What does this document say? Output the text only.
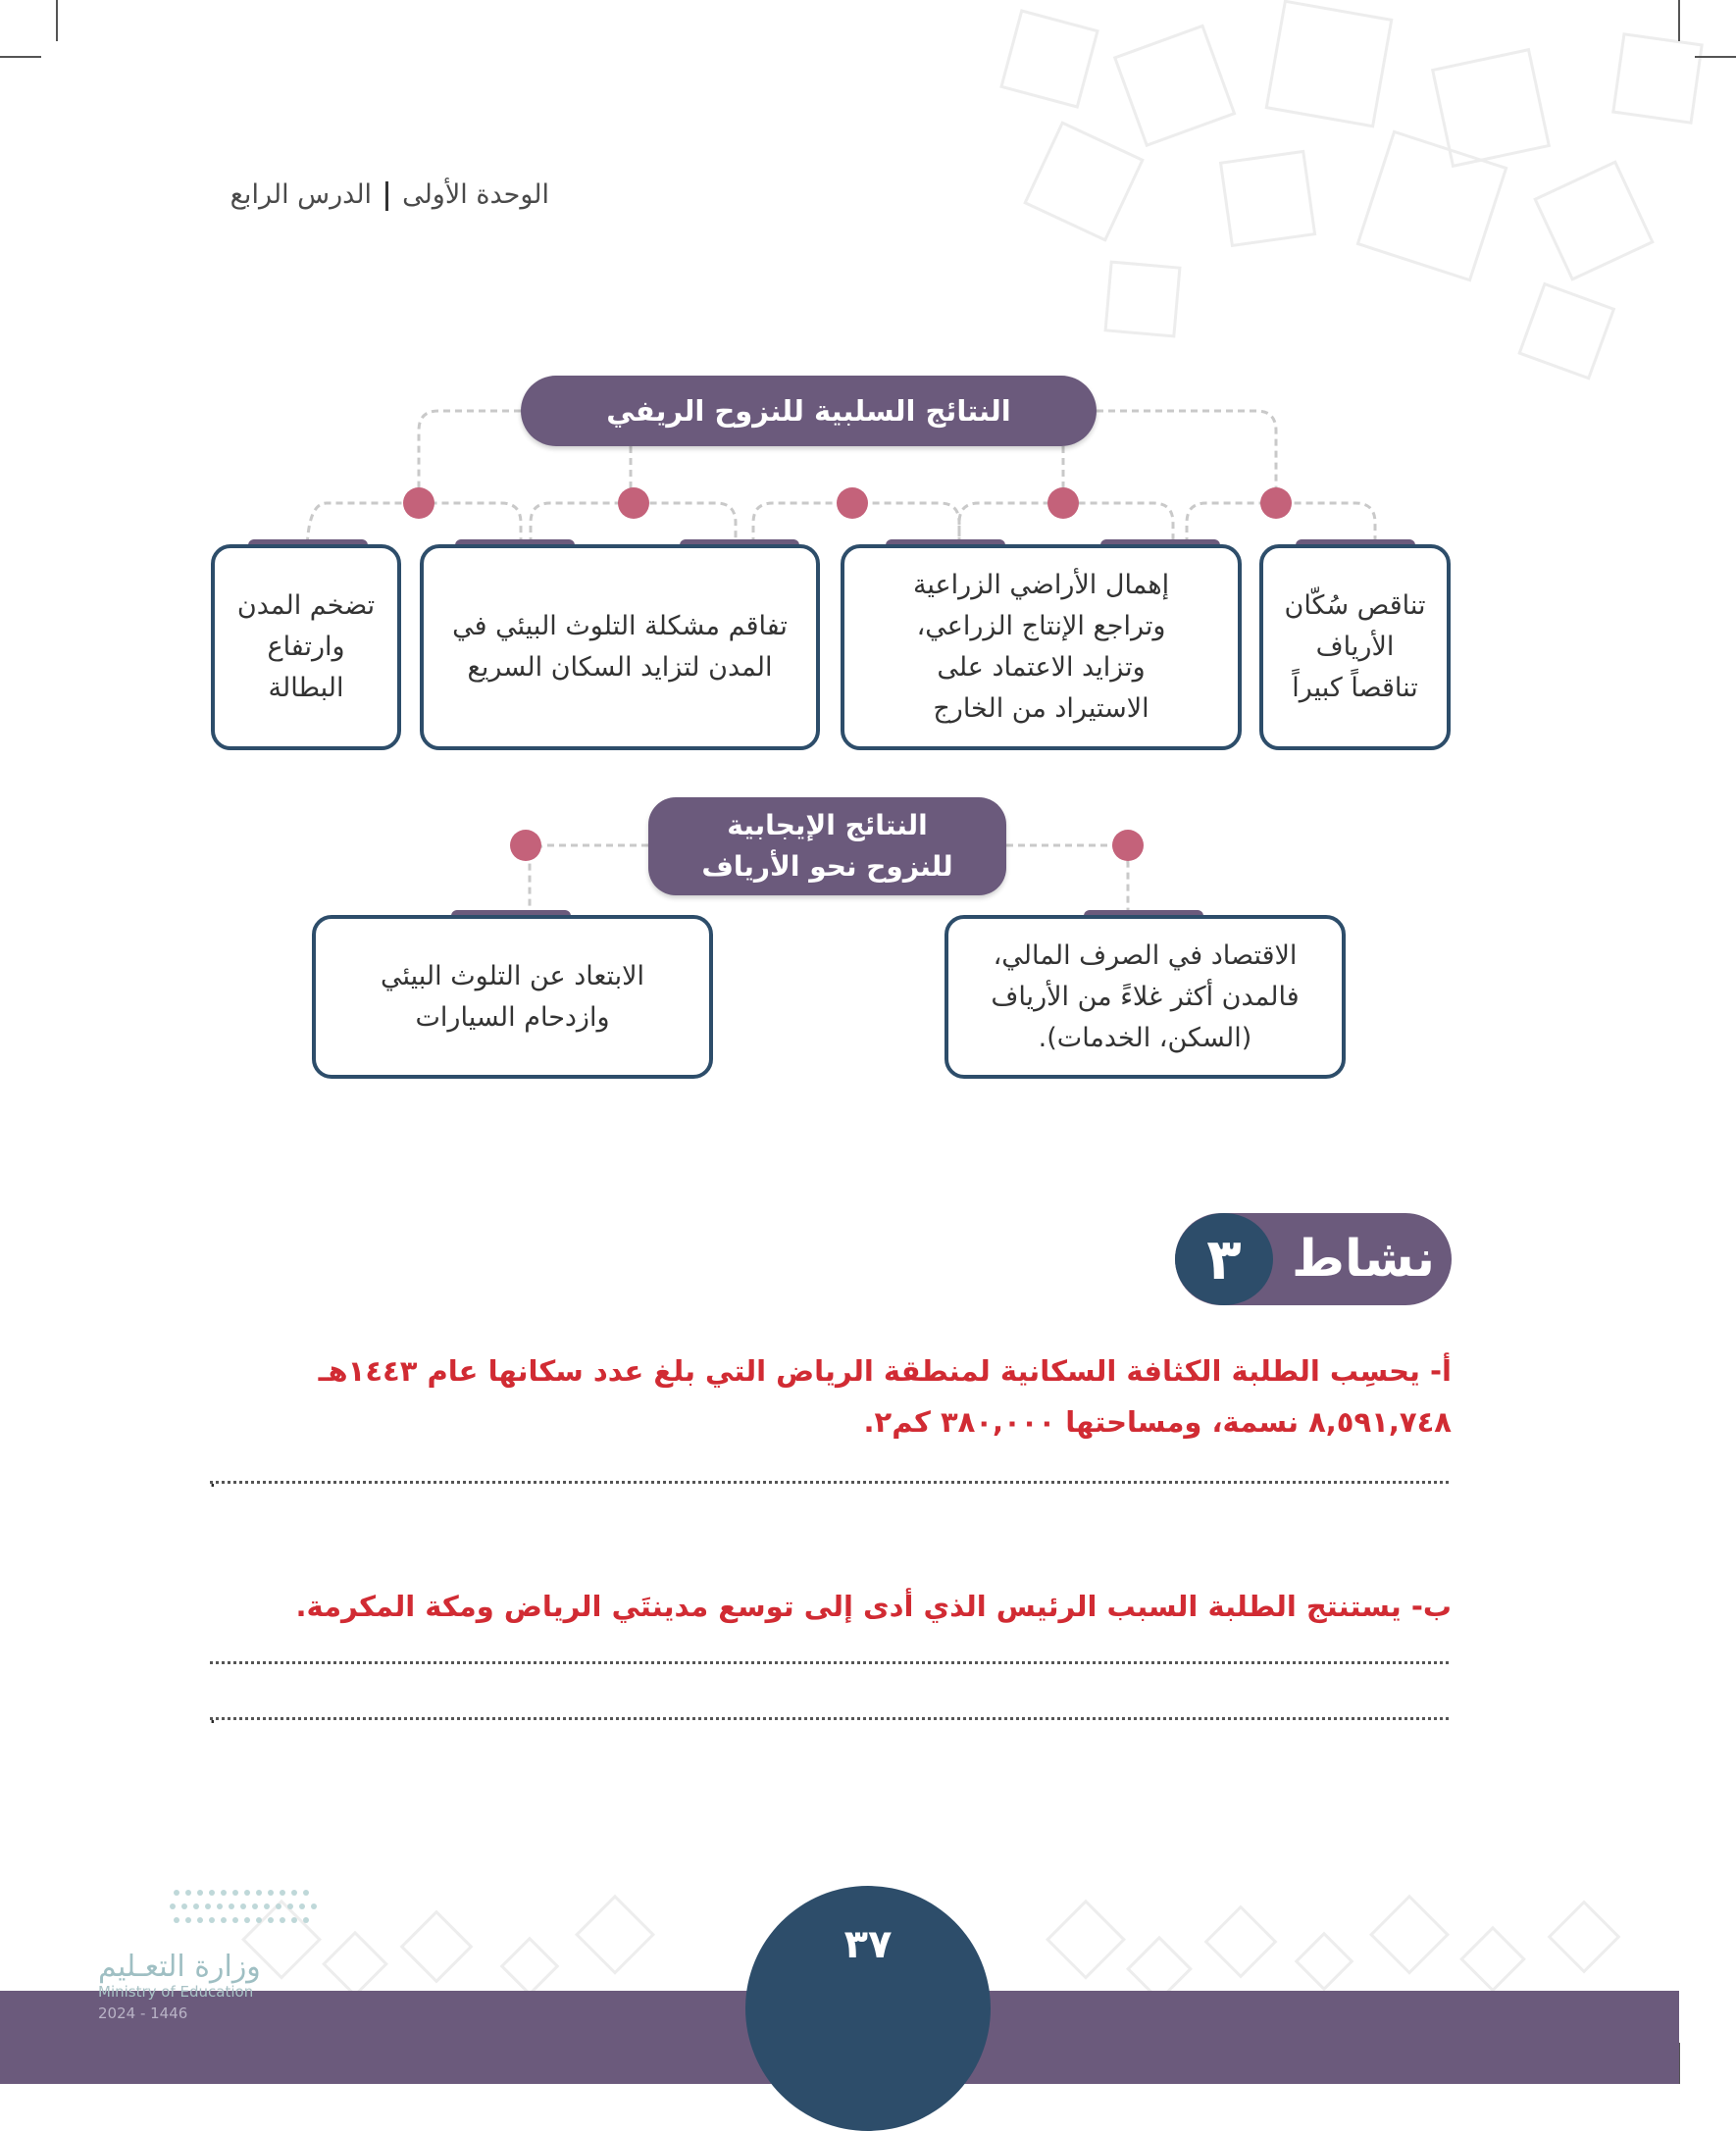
الوحدة الأولىالدرس الرابع
النتائج السلبية للنزوح الريفي
تناقص سُكّان
الأرياف
تناقصاً كبيراً
إهمال الأراضي الزراعية
وتراجع الإنتاج الزراعي،
وتزايد الاعتماد على
الاستيراد من الخارج
تفاقم مشكلة التلوث البيئي في
المدن لتزايد السكان السريع
تضخم المدن
وارتفاع
البطالة
النتائج الإيجابية
للنزوح نحو الأرياف
الاقتصاد في الصرف المالي،
فالمدن أكثر غلاءً من الأرياف
(السكن، الخدمات).
الابتعاد عن التلوث البيئي
وازدحام السيارات
نشاط
٣
أ- يحسِب الطلبة الكثافة السكانية لمنطقة الرياض التي بلغ عدد سكانها عام ١٤٤٣هـ
٨,٥٩١,٧٤٨ نسمة، ومساحتها ٣٨٠,٠٠٠ كم٢.
.
ب- يستنتج الطلبة السبب الرئيس الذي أدى إلى توسع مدينتَي الرياض ومكة المكرمة.
.
٣٧
وزارة التعـليم
Ministry of Education
2024 - 1446
